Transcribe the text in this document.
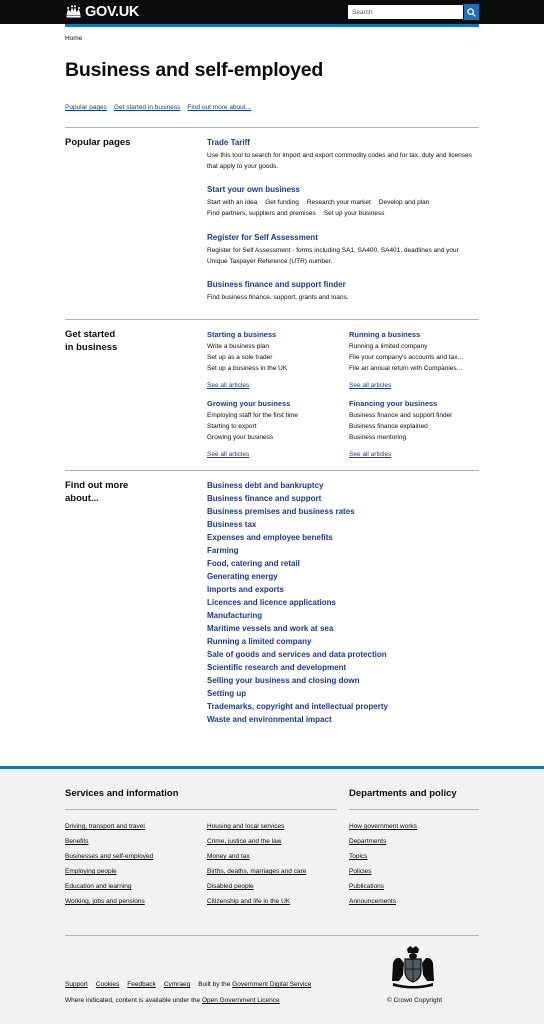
GOV.UK
Search
Home
Business and self-employed
Popular pages Get started in business Find out more about...
Popular pages	Trade Tariff
Use this tool to search for import and export commodity codes and for tax, duty and licenses that apply to your goods.
Start your own business
Start with an idea Get funding Research your market Develop and plan
Find partners, suppliers and premises Set up your business
Register for Self Assessment
Register for Self Assessment - forms including SA1, SA400, SA401, deadlines and your Unique Taxpayer Reference (UTR) number.
Business finance and support finder
Find business finance, support, grants and loans.
Get started
in business
Starting a business
Write a business plan
Set up as a sole trader
Set up a business in the UK
See all articles
Running a business
Running a limited company
File your company's accounts and tax...
File an annual return with Companies...
See all articles
Growing your business
Employing staff for the first time
Starting to export
Growing your business
See all articles
Financing your business
Business finance and support finder
Business finance explained
Business mentoring
See all articles
Find out more
about...
Business debt and bankruptcy
Business finance and support
Business premises and business rates
Business tax
Expenses and employee benefits
Farming
Food, catering and retail
Generating energy
Imports and exports
Licences and licence applications
Manufacturing
Maritime vessels and work at sea
Running a limited company
Sale of goods and services and data protection
Scientific research and development
Selling your business and closing down
Setting up
Trademarks, copyright and intellectual property
Waste and environmental impact
Services and information	Departments and policy
Driving, transport and travel
Benefits
Businesses and self-employed
Employing people
Education and learning
Working, jobs and pensions
Housing and local services
Crime, justice and the law
Money and tax
Births, deaths, marriages and care
Disabled people
Citizenship and life in the UK
How government works
Departments
Topics
Policies
Publications
Announcements
Support Cookies Feedback Cymraeg Built by the Government Digital Service
Where indicated, content is available under the Open Government Licence	© Crown Copyright
